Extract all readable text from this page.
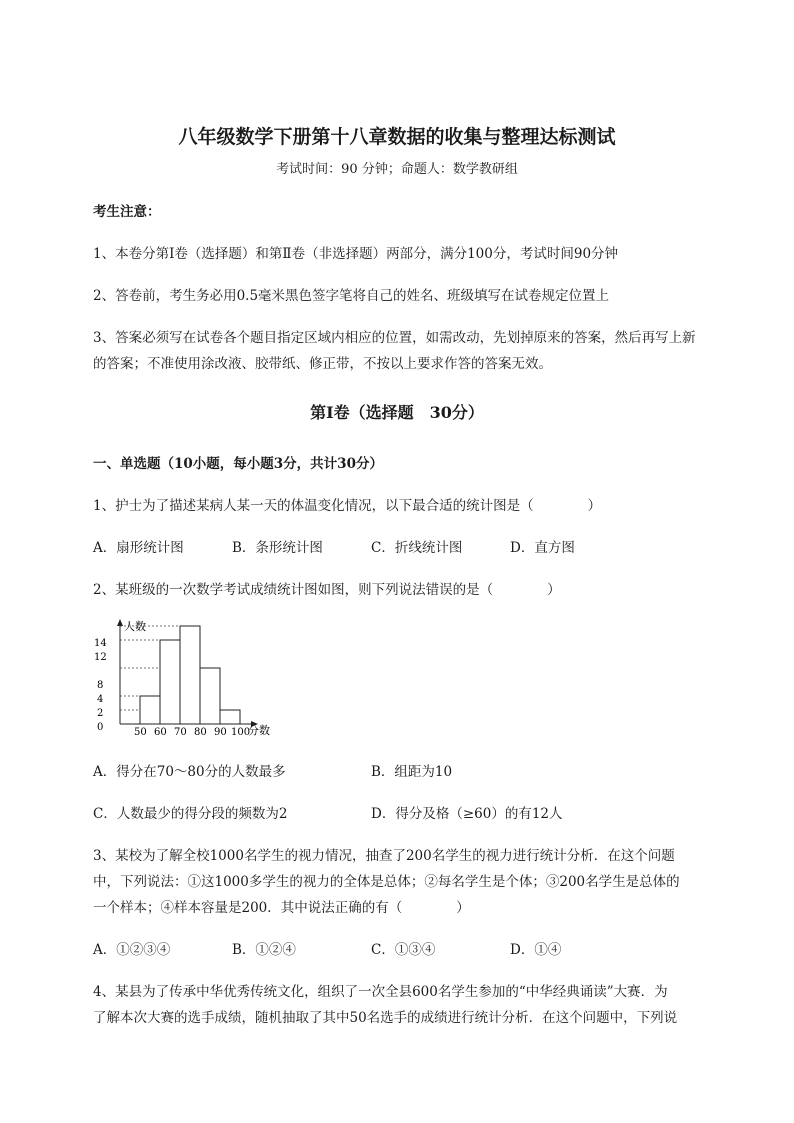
八年级数学下册第十八章数据的收集与整理达标测试
考试时间：90 分钟；命题人：数学教研组
考生注意：
1、本卷分第Ⅰ卷（选择题）和第Ⅱ卷（非选择题）两部分，满分100分，考试时间90分钟
2、答卷前，考生务必用0.5毫米黑色签字笔将自己的姓名、班级填写在试卷规定位置上
3、答案必须写在试卷各个题目指定区域内相应的位置，如需改动，先划掉原来的答案，然后再写上新
的答案；不准使用涂改液、胶带纸、修正带，不按以上要求作答的答案无效。
第Ⅰ卷（选择题　30分）
一、单选题（10小题，每小题3分，共计30分）
1、护士为了描述某病人某一天的体温变化情况，以下最合适的统计图是（　　　　）
A．扇形统计图	B．条形统计图	C．折线统计图	D．直方图
2、某班级的一次数学考试成绩统计图如图，则下列说法错误的是（　　　　）
人数
分数
14
12
8
4
2
0	50 60 70 80 90 100
A．得分在70～80分的人数最多	B．组距为10
C．人数最少的得分段的频数为2	D．得分及格（≥60）的有12人
3、某校为了解全校1000名学生的视力情况，抽查了200名学生的视力进行统计分析．在这个问题
中，下列说法：①这1000多学生的视力的全体是总体；②每名学生是个体；③200名学生是总体的
一个样本；④样本容量是200．其中说法正确的有（　　　　）
A．①②③④	B．①②④	C．①③④	D．①④
4、某县为了传承中华优秀传统文化，组织了一次全县600名学生参加的“中华经典诵读”大赛．为
了解本次大赛的选手成绩，随机抽取了其中50名选手的成绩进行统计分析．在这个问题中，下列说
